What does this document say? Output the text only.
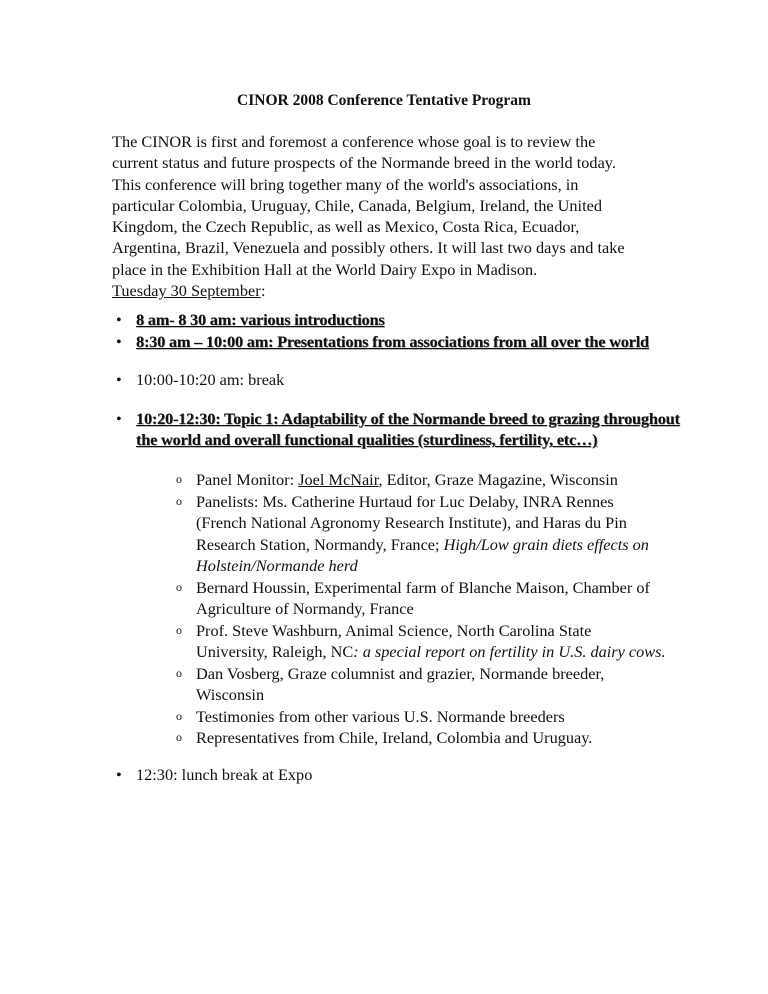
CINOR 2008 Conference Tentative Program
The CINOR is first and foremost a conference whose goal is to review the current status and future prospects of the Normande breed in the world today. This conference will bring together many of the world's associations, in particular Colombia, Uruguay, Chile, Canada, Belgium, Ireland, the United Kingdom, the Czech Republic, as well as Mexico, Costa Rica, Ecuador, Argentina, Brazil, Venezuela and possibly others. It will last two days and take place in the Exhibition Hall at the World Dairy Expo in Madison.
Tuesday 30 September :
• 8 am- 8 30 am: various introductions
• 8:30 am – 10:00 am: Presentations from associations from all over the world
• 10:00-10:20 am: break
• 10:20-12:30: Topic 1: Adaptability of the Normande breed to grazing throughout the world and overall functional qualities (sturdiness, fertility, etc…)
o Panel Monitor: Joel McNair, Editor, Graze Magazine, Wisconsin
o Panelists: Ms. Catherine Hurtaud for Luc Delaby, INRA Rennes (French National Agronomy Research Institute), and Haras du Pin Research Station, Normandy, France; High/Low grain diets effects on Holstein/Normande herd
o Bernard Houssin, Experimental farm of Blanche Maison, Chamber of Agriculture of Normandy, France
o Prof. Steve Washburn, Animal Science, North Carolina State University, Raleigh, NC: a special report on fertility in U.S. dairy cows.
o Dan Vosberg, Graze columnist and grazier, Normande breeder, Wisconsin
o Testimonies from other various U.S. Normande breeders
o Representatives from Chile, Ireland, Colombia and Uruguay.
• 12:30: lunch break at Expo
